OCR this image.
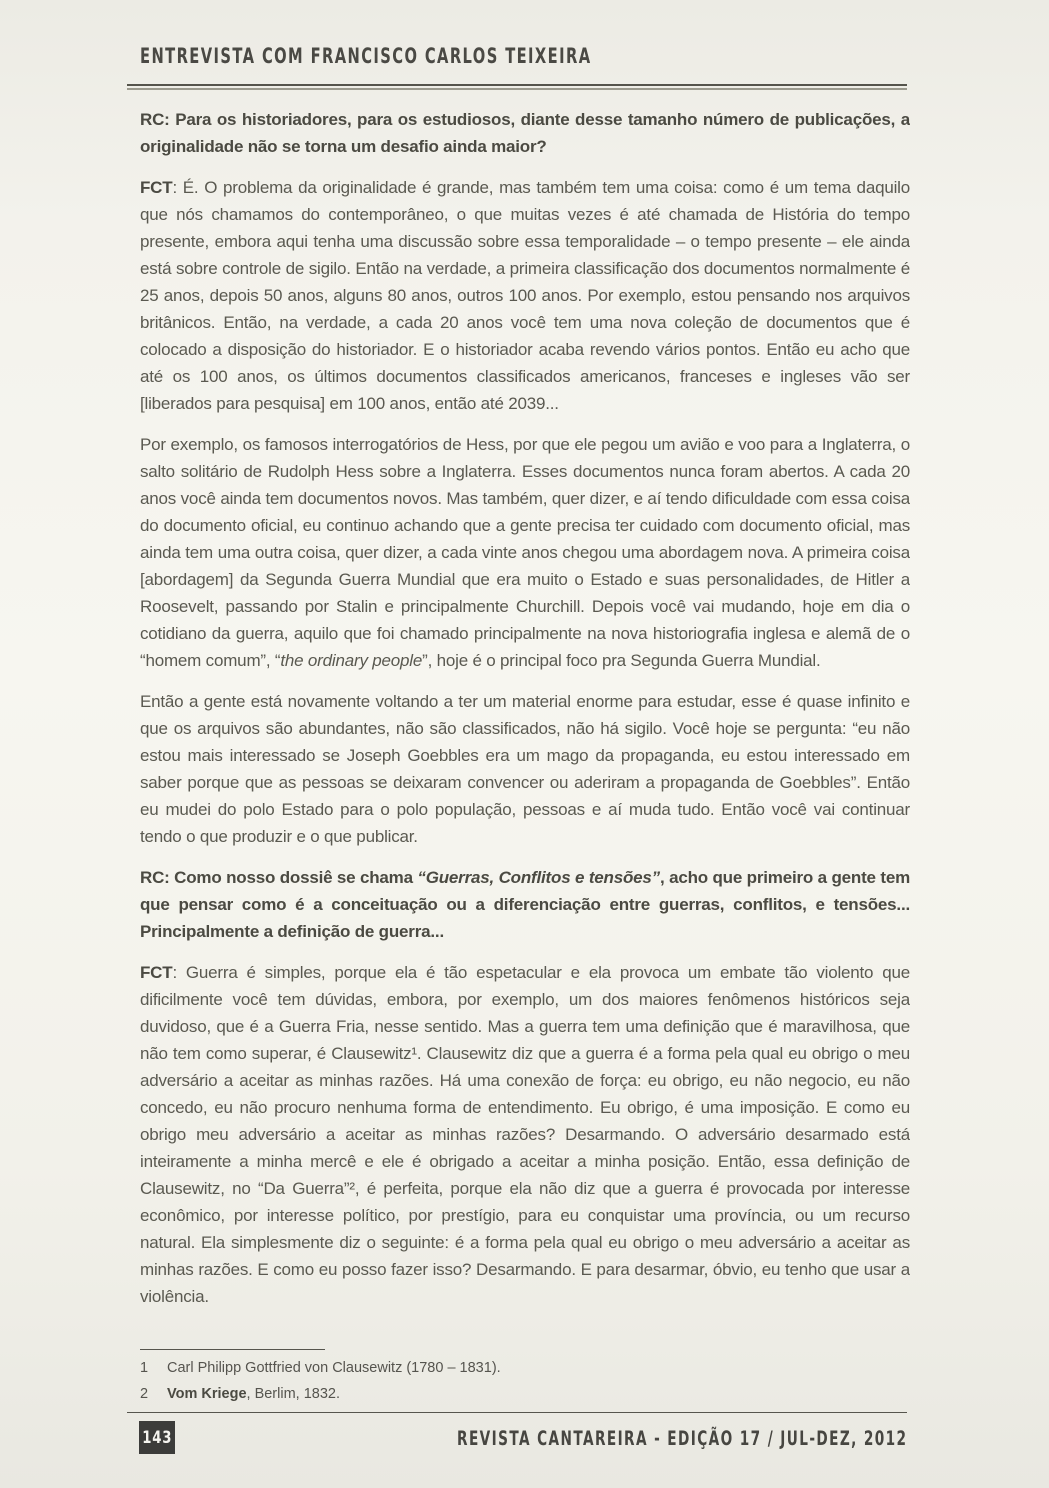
ENTREVISTA COM FRANCISCO CARLOS TEIXEIRA

RC: Para os historiadores, para os estudiosos, diante desse tamanho número de publicações, a originalidade não se torna um desafio ainda maior?

FCT: É. O problema da originalidade é grande, mas também tem uma coisa: como é um tema daquilo que nós chamamos do contemporâneo, o que muitas vezes é até chamada de História do tempo presente, embora aqui tenha uma discussão sobre essa temporalidade – o tempo presente – ele ainda está sobre controle de sigilo. Então na verdade, a primeira classificação dos documentos normalmente é 25 anos, depois 50 anos, alguns 80 anos, outros 100 anos. Por exemplo, estou pensando nos arquivos britânicos. Então, na verdade, a cada 20 anos você tem uma nova coleção de documentos que é colocado a disposição do historiador. E o historiador acaba revendo vários pontos. Então eu acho que até os 100 anos, os últimos documentos classificados americanos, franceses e ingleses vão ser [liberados para pesquisa] em 100 anos, então até 2039...

Por exemplo, os famosos interrogatórios de Hess, por que ele pegou um avião e voo para a Inglaterra, o salto solitário de Rudolph Hess sobre a Inglaterra. Esses documentos nunca foram abertos. A cada 20 anos você ainda tem documentos novos. Mas também, quer dizer, e aí tendo dificuldade com essa coisa do documento oficial, eu continuo achando que a gente precisa ter cuidado com documento oficial, mas ainda tem uma outra coisa, quer dizer, a cada vinte anos chegou uma abordagem nova. A primeira coisa [abordagem] da Segunda Guerra Mundial que era muito o Estado e suas personalidades, de Hitler a Roosevelt, passando por Stalin e principalmente Churchill. Depois você vai mudando, hoje em dia o cotidiano da guerra, aquilo que foi chamado principalmente na nova historiografia inglesa e alemã de o “homem comum”, “the ordinary people”, hoje é o principal foco pra Segunda Guerra Mundial.

Então a gente está novamente voltando a ter um material enorme para estudar, esse é quase infinito e que os arquivos são abundantes, não são classificados, não há sigilo. Você hoje se pergunta: “eu não estou mais interessado se Joseph Goebbles era um mago da propaganda, eu estou interessado em saber porque que as pessoas se deixaram convencer ou aderiram a propaganda de Goebbles”. Então eu mudei do polo Estado para o polo população, pessoas e aí muda tudo. Então você vai continuar tendo o que produzir e o que publicar.

RC: Como nosso dossiê se chama “Guerras, Conflitos e tensões”, acho que primeiro a gente tem que pensar como é a conceituação ou a diferenciação entre guerras, conflitos, e tensões... Principalmente a definição de guerra...

FCT: Guerra é simples, porque ela é tão espetacular e ela provoca um embate tão violento que dificilmente você tem dúvidas, embora, por exemplo, um dos maiores fenômenos históricos seja duvidoso, que é a Guerra Fria, nesse sentido. Mas a guerra tem uma definição que é maravilhosa, que não tem como superar, é Clausewitz¹. Clausewitz diz que a guerra é a forma pela qual eu obrigo o meu adversário a aceitar as minhas razões. Há uma conexão de força: eu obrigo, eu não negocio, eu não concedo, eu não procuro nenhuma forma de entendimento. Eu obrigo, é uma imposição. E como eu obrigo meu adversário a aceitar as minhas razões? Desarmando. O adversário desarmado está inteiramente a minha mercê e ele é obrigado a aceitar a minha posição. Então, essa definição de Clausewitz, no “Da Guerra”², é perfeita, porque ela não diz que a guerra é provocada por interesse econômico, por interesse político, por prestígio, para eu conquistar uma província, ou um recurso natural. Ela simplesmente diz o seguinte: é a forma pela qual eu obrigo o meu adversário a aceitar as minhas razões. E como eu posso fazer isso? Desarmando. E para desarmar, óbvio, eu tenho que usar a violência.

1 Carl Philipp Gottfried von Clausewitz (1780 – 1831).
2 Vom Kriege, Berlim, 1832.
143	REVISTA CANTAREIRA - EDIÇÃO 17 / JUL-DEZ, 2012
